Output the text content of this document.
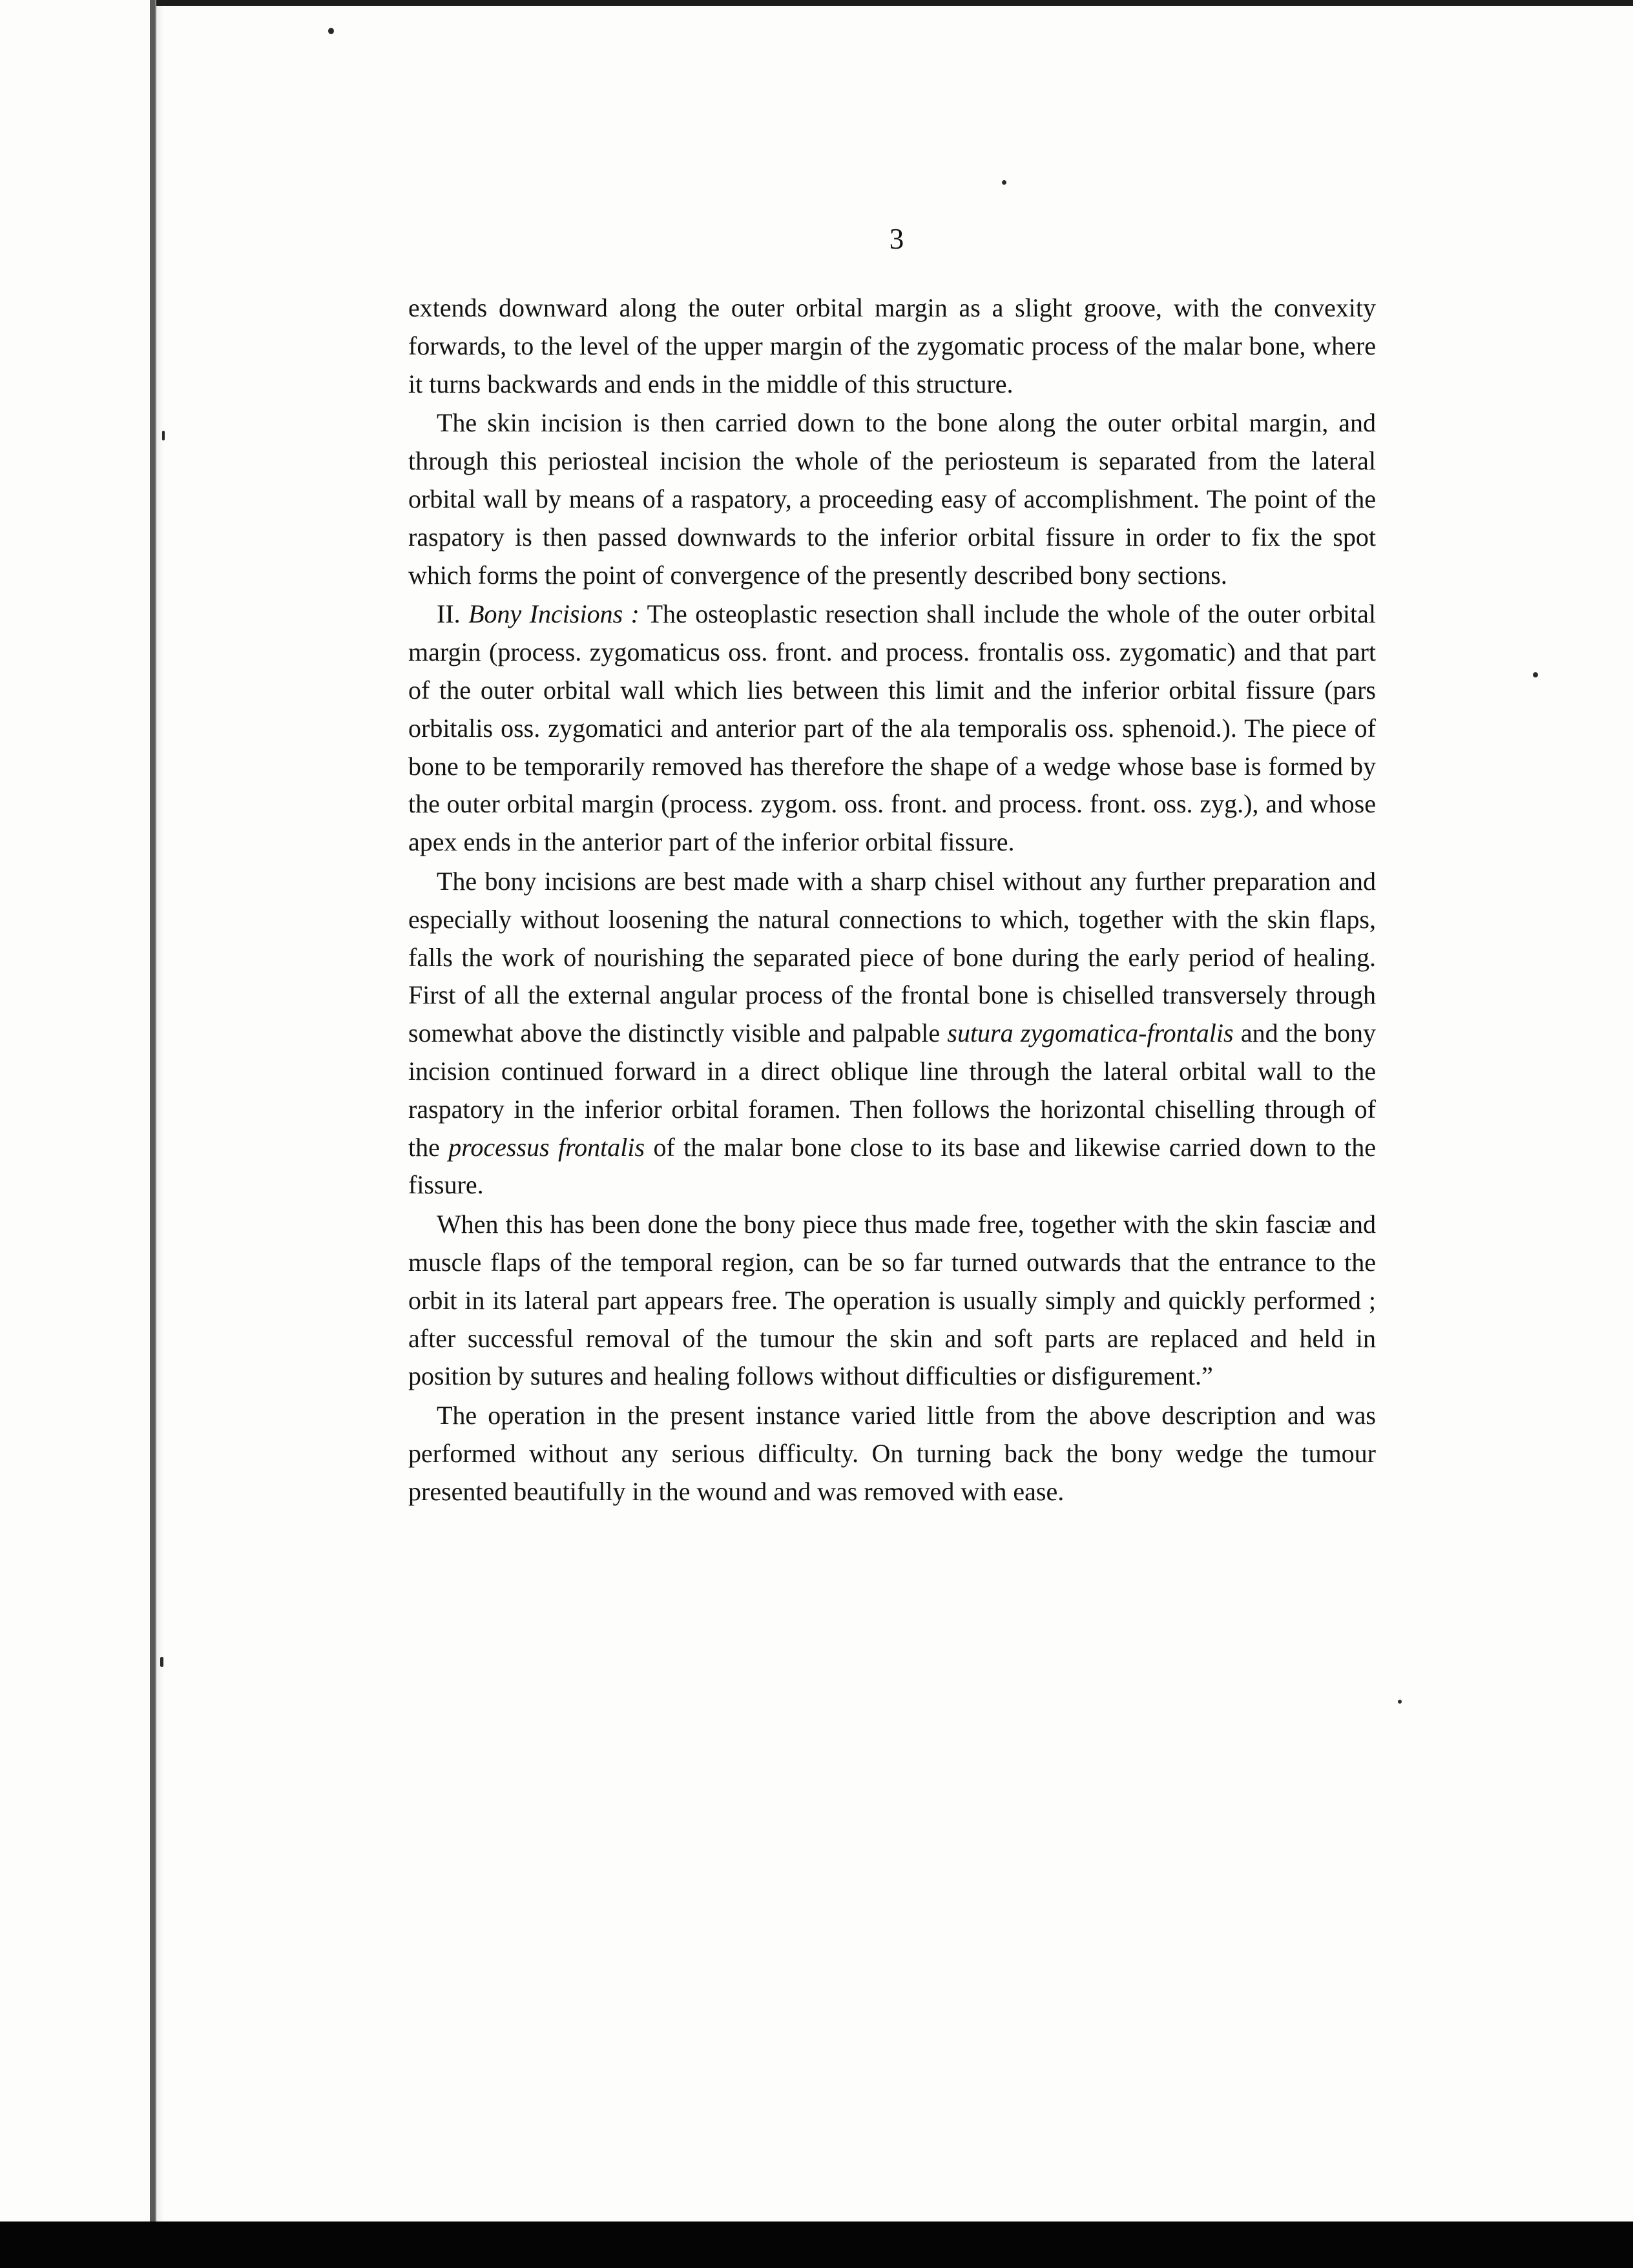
3

extends downward along the outer orbital margin as a slight groove, with the convexity forwards, to the level of the upper margin of the zygomatic process of the malar bone, where it turns backwards and ends in the middle of this structure.

The skin incision is then carried down to the bone along the outer orbital margin, and through this periosteal incision the whole of the periosteum is separated from the lateral orbital wall by means of a raspatory, a proceeding easy of accomplishment. The point of the raspatory is then passed downwards to the inferior orbital fissure in order to fix the spot which forms the point of convergence of the presently described bony sections.

II. Bony Incisions : The osteoplastic resection shall include the whole of the outer orbital margin (process. zygomaticus oss. front. and process. frontalis oss. zygomatic) and that part of the outer orbital wall which lies between this limit and the inferior orbital fissure (pars orbitalis oss. zygomatici and anterior part of the ala temporalis oss. sphenoid.). The piece of bone to be temporarily removed has therefore the shape of a wedge whose base is formed by the outer orbital margin (process. zygom. oss. front. and process. front. oss. zyg.), and whose apex ends in the anterior part of the inferior orbital fissure.

The bony incisions are best made with a sharp chisel without any further preparation and especially without loosening the natural connections to which, together with the skin flaps, falls the work of nourishing the separated piece of bone during the early period of healing. First of all the external angular process of the frontal bone is chiselled transversely through somewhat above the distinctly visible and palpable sutura zygomatica-frontalis and the bony incision continued forward in a direct oblique line through the lateral orbital wall to the raspatory in the inferior orbital foramen. Then follows the horizontal chiselling through of the processus frontalis of the malar bone close to its base and likewise carried down to the fissure.

When this has been done the bony piece thus made free, together with the skin fasciæ and muscle flaps of the temporal region, can be so far turned outwards that the entrance to the orbit in its lateral part appears free. The operation is usually simply and quickly performed ; after successful removal of the tumour the skin and soft parts are replaced and held in position by sutures and healing follows without difficulties or disfigurement.”

The operation in the present instance varied little from the above description and was performed without any serious difficulty. On turning back the bony wedge the tumour presented beautifully in the wound and was removed with ease.
